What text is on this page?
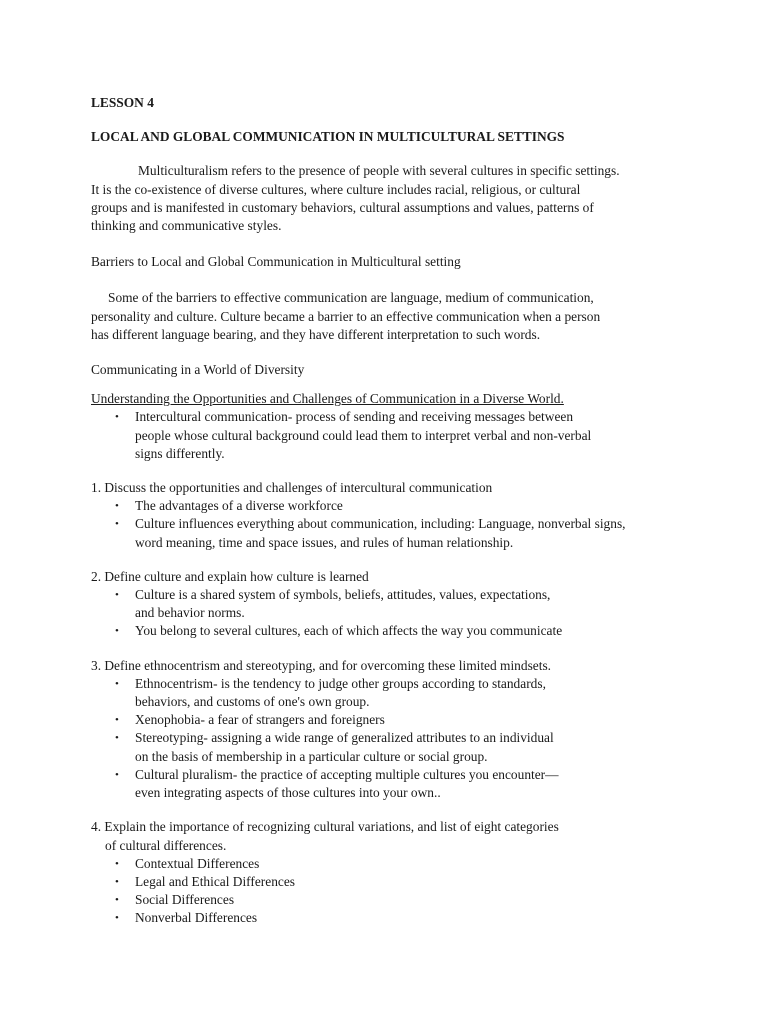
LESSON 4

LOCAL AND GLOBAL COMMUNICATION IN MULTICULTURAL SETTINGS

Multiculturalism refers to the presence of people with several cultures in specific settings.
It is the co-existence of diverse cultures, where culture includes racial, religious, or cultural
groups and is manifested in customary behaviors, cultural assumptions and values, patterns of
thinking and communicative styles.

Barriers to Local and Global Communication in Multicultural setting

Some of the barriers to effective communication are language, medium of communication,
personality and culture. Culture became a barrier to an effective communication when a person
has different language bearing, and they have different interpretation to such words.

Communicating in a World of Diversity

Understanding the Opportunities and Challenges of Communication in a Diverse World.

•	Intercultural communication- process of sending and receiving messages between
people whose cultural background could lead them to interpret verbal and non-verbal
signs differently.

1. Discuss the opportunities and challenges of intercultural communication

•	The advantages of a diverse workforce
•	Culture influences everything about communication, including: Language, nonverbal signs,
word meaning, time and space issues, and rules of human relationship.

2. Define culture and explain how culture is learned

•	Culture is a shared system of symbols, beliefs, attitudes, values, expectations,
and behavior norms.
•	You belong to several cultures, each of which affects the way you communicate

3. Define ethnocentrism and stereotyping, and for overcoming these limited mindsets.

•	Ethnocentrism- is the tendency to judge other groups according to standards,
behaviors, and customs of one's own group.
•	Xenophobia- a fear of strangers and foreigners
•	Stereotyping- assigning a wide range of generalized attributes to an individual
on the basis of membership in a particular culture or social group.
•	Cultural pluralism- the practice of accepting multiple cultures you encounter—
even integrating aspects of those cultures into your own..

4. Explain the importance of recognizing cultural variations, and list of eight categories

of cultural differences.

•	Contextual Differences
•	Legal and Ethical Differences
•	Social Differences
•	Nonverbal Differences
